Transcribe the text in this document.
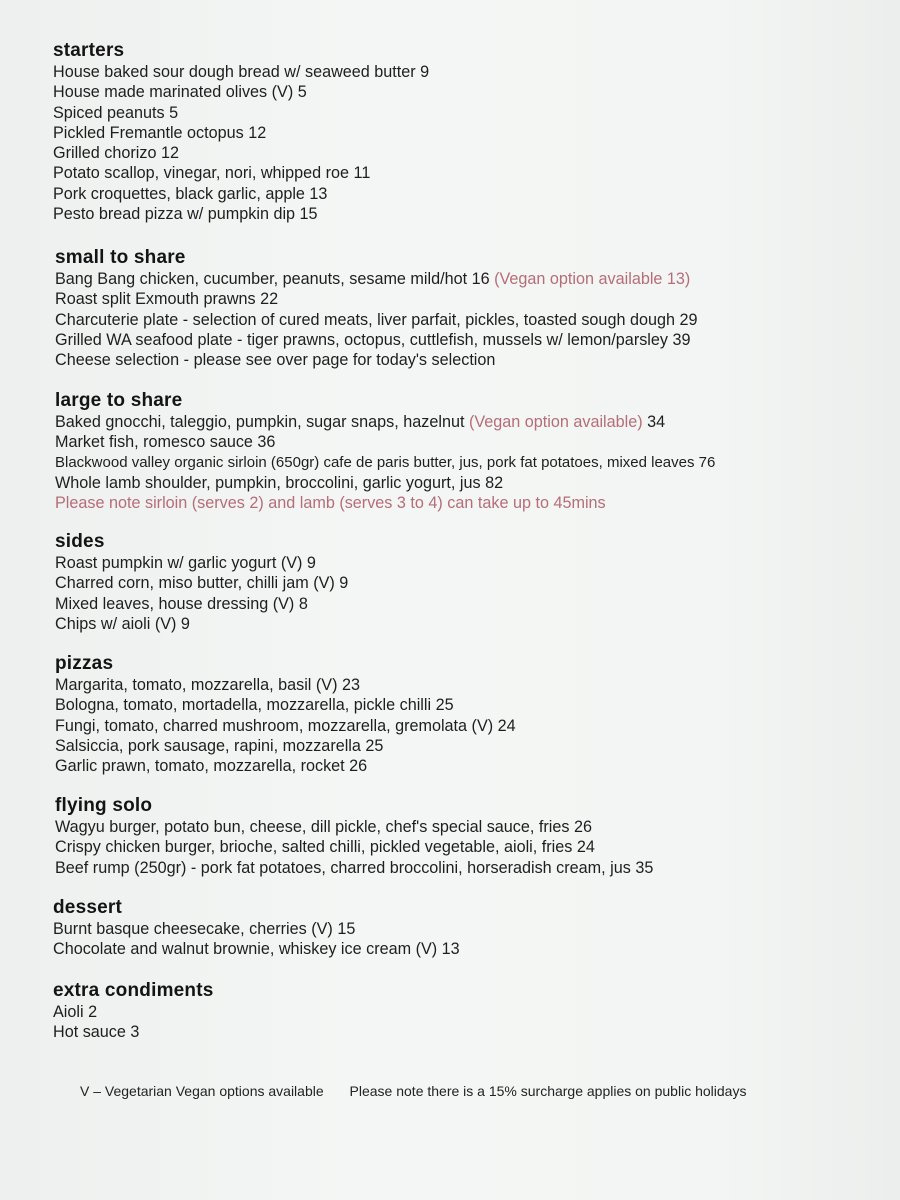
starters
House baked sour dough bread w/ seaweed butter 9
House made marinated olives (V) 5
Spiced peanuts 5
Pickled Fremantle octopus 12
Grilled chorizo 12
Potato scallop, vinegar, nori, whipped roe 11
Pork croquettes, black garlic, apple 13
Pesto bread pizza w/ pumpkin dip 15
small to share
Bang Bang chicken, cucumber, peanuts, sesame mild/hot 16 (Vegan option available 13)
Roast split Exmouth prawns 22
Charcuterie plate - selection of cured meats, liver parfait, pickles, toasted sough dough 29
Grilled WA seafood plate - tiger prawns, octopus, cuttlefish, mussels w/ lemon/parsley 39
Cheese selection - please see over page for today's selection
large to share
Baked gnocchi, taleggio, pumpkin, sugar snaps, hazelnut (Vegan option available) 34
Market fish, romesco sauce 36
Blackwood valley organic sirloin (650gr) cafe de paris butter, jus, pork fat potatoes, mixed leaves 76
Whole lamb shoulder, pumpkin, broccolini, garlic yogurt, jus 82
Please note sirloin (serves 2) and lamb (serves 3 to 4) can take up to 45mins
sides
Roast pumpkin w/ garlic yogurt (V) 9
Charred corn, miso butter, chilli jam (V) 9
Mixed leaves, house dressing (V) 8
Chips w/ aioli (V) 9
pizzas
Margarita, tomato, mozzarella, basil (V) 23
Bologna, tomato, mortadella, mozzarella, pickle chilli 25
Fungi, tomato, charred mushroom, mozzarella, gremolata (V) 24
Salsiccia, pork sausage, rapini, mozzarella 25
Garlic prawn, tomato, mozzarella, rocket 26
flying solo
Wagyu burger, potato bun, cheese, dill pickle, chef's special sauce, fries 26
Crispy chicken burger, brioche, salted chilli, pickled vegetable, aioli, fries 24
Beef rump (250gr) - pork fat potatoes, charred broccolini, horseradish cream, jus 35
dessert
Burnt basque cheesecake, cherries (V) 15
Chocolate and walnut brownie, whiskey ice cream (V) 13
extra condiments
Aioli 2
Hot sauce 3
V – Vegetarian Vegan options available Please note there is a 15% surcharge applies on public holidays
